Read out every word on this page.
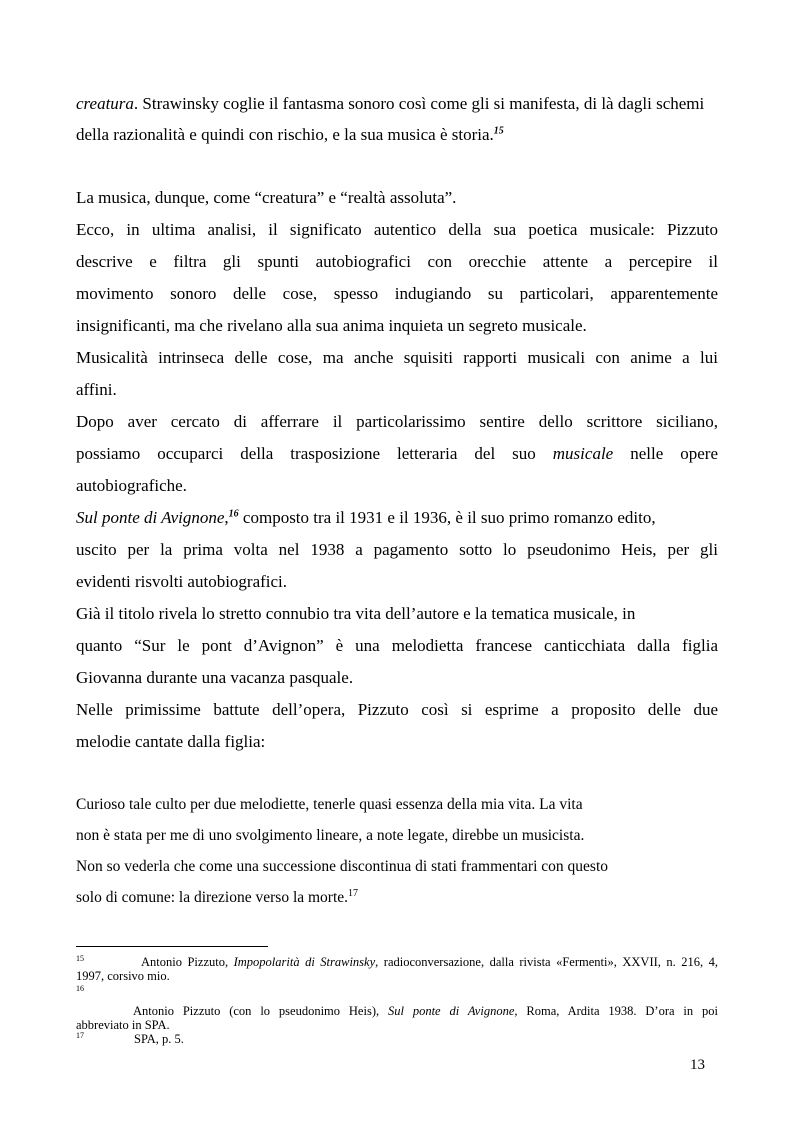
creatura. Strawinsky coglie il fantasma sonoro così come gli si manifesta, di là dagli schemi
della razionalità e quindi con rischio, e la sua musica è storia.$^{15}$
La musica, dunque, come “creatura” e “realtà assoluta”.
Ecco, in ultima analisi, il significato autentico della sua poetica musicale: Pizzuto
descrive e filtra gli spunti autobiografici con orecchie attente a percepire il
movimento sonoro delle cose, spesso indugiando su particolari, apparentemente
insignificanti, ma che rivelano alla sua anima inquieta un segreto musicale.
Musicalità intrinseca delle cose, ma anche squisiti rapporti musicali con anime a lui
affini.
Dopo aver cercato di afferrare il particolarissimo sentire dello scrittore siciliano,
possiamo occuparci della trasposizione letteraria del suo musicale nelle opere
autobiografiche.
Sul ponte di Avignone,$^{16}$ composto tra il 1931 e il 1936, è il suo primo romanzo edito,
uscito per la prima volta nel 1938 a pagamento sotto lo pseudonimo Heis, per gli
evidenti risvolti autobiografici.
Già il titolo rivela lo stretto connubio tra vita dell’autore e la tematica musicale, in
quanto “Sur le pont d’Avignon” è una melodietta francese canticchiata dalla figlia
Giovanna durante una vacanza pasquale.
Nelle primissime battute dell’opera, Pizzuto così si esprime a proposito delle due
melodie cantate dalla figlia:
Curioso tale culto per due melodiette, tenerle quasi essenza della mia vita. La vita
non è stata per me di uno svolgimento lineare, a note legate, direbbe un musicista.
Non so vederla che come una successione discontinua di stati frammentari con questo
solo di comune: la direzione verso la morte.$^{17}$
$^{15}$	Antonio Pizzuto, Impopolarità di Strawinsky, radioconversazione, dalla rivista «Fermenti», XXVII, n. 216, 4,
1997, corsivo mio.
$^{16}$
Antonio Pizzuto (con lo pseudonimo Heis), Sul ponte di Avignone, Roma, Ardita 1938. D’ora in poi
abbreviato in SPA.
$^{17}$	SPA, p. 5.
13
